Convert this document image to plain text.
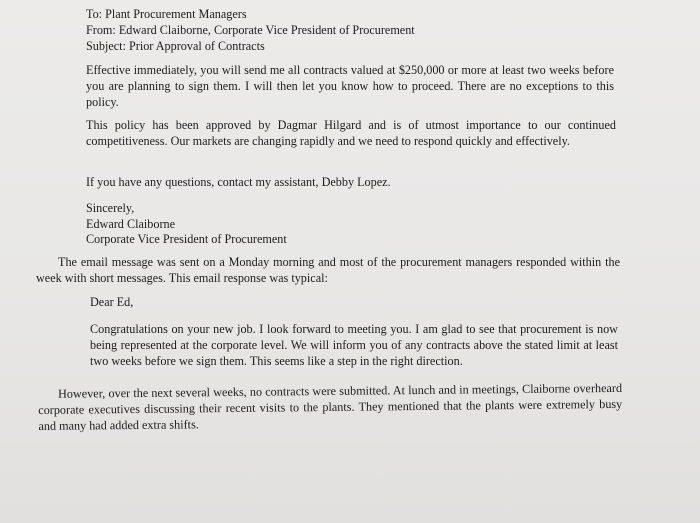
To: Plant Procurement Managers
From: Edward Claiborne, Corporate Vice President of Procurement
Subject: Prior Approval of Contracts

Effective immediately, you will send me all contracts valued at $250,000 or more at least two weeks before you are planning to sign them. I will then let you know how to proceed. There are no exceptions to this policy.

This policy has been approved by Dagmar Hilgard and is of utmost importance to our continued competitiveness. Our markets are changing rapidly and we need to respond quickly and effectively.

If you have any questions, contact my assistant, Debby Lopez.

Sincerely,
Edward Claiborne
Corporate Vice President of Procurement

The email message was sent on a Monday morning and most of the procurement managers responded within the week with short messages. This email response was typical:

Dear Ed,

Congratulations on your new job. I look forward to meeting you. I am glad to see that procurement is now being represented at the corporate level. We will inform you of any contracts above the stated limit at least two weeks before we sign them. This seems like a step in the right direction.

However, over the next several weeks, no contracts were submitted. At lunch and in meetings, Claiborne overheard corporate executives discussing their recent visits to the plants. They mentioned that the plants were extremely busy and many had added extra shifts.
